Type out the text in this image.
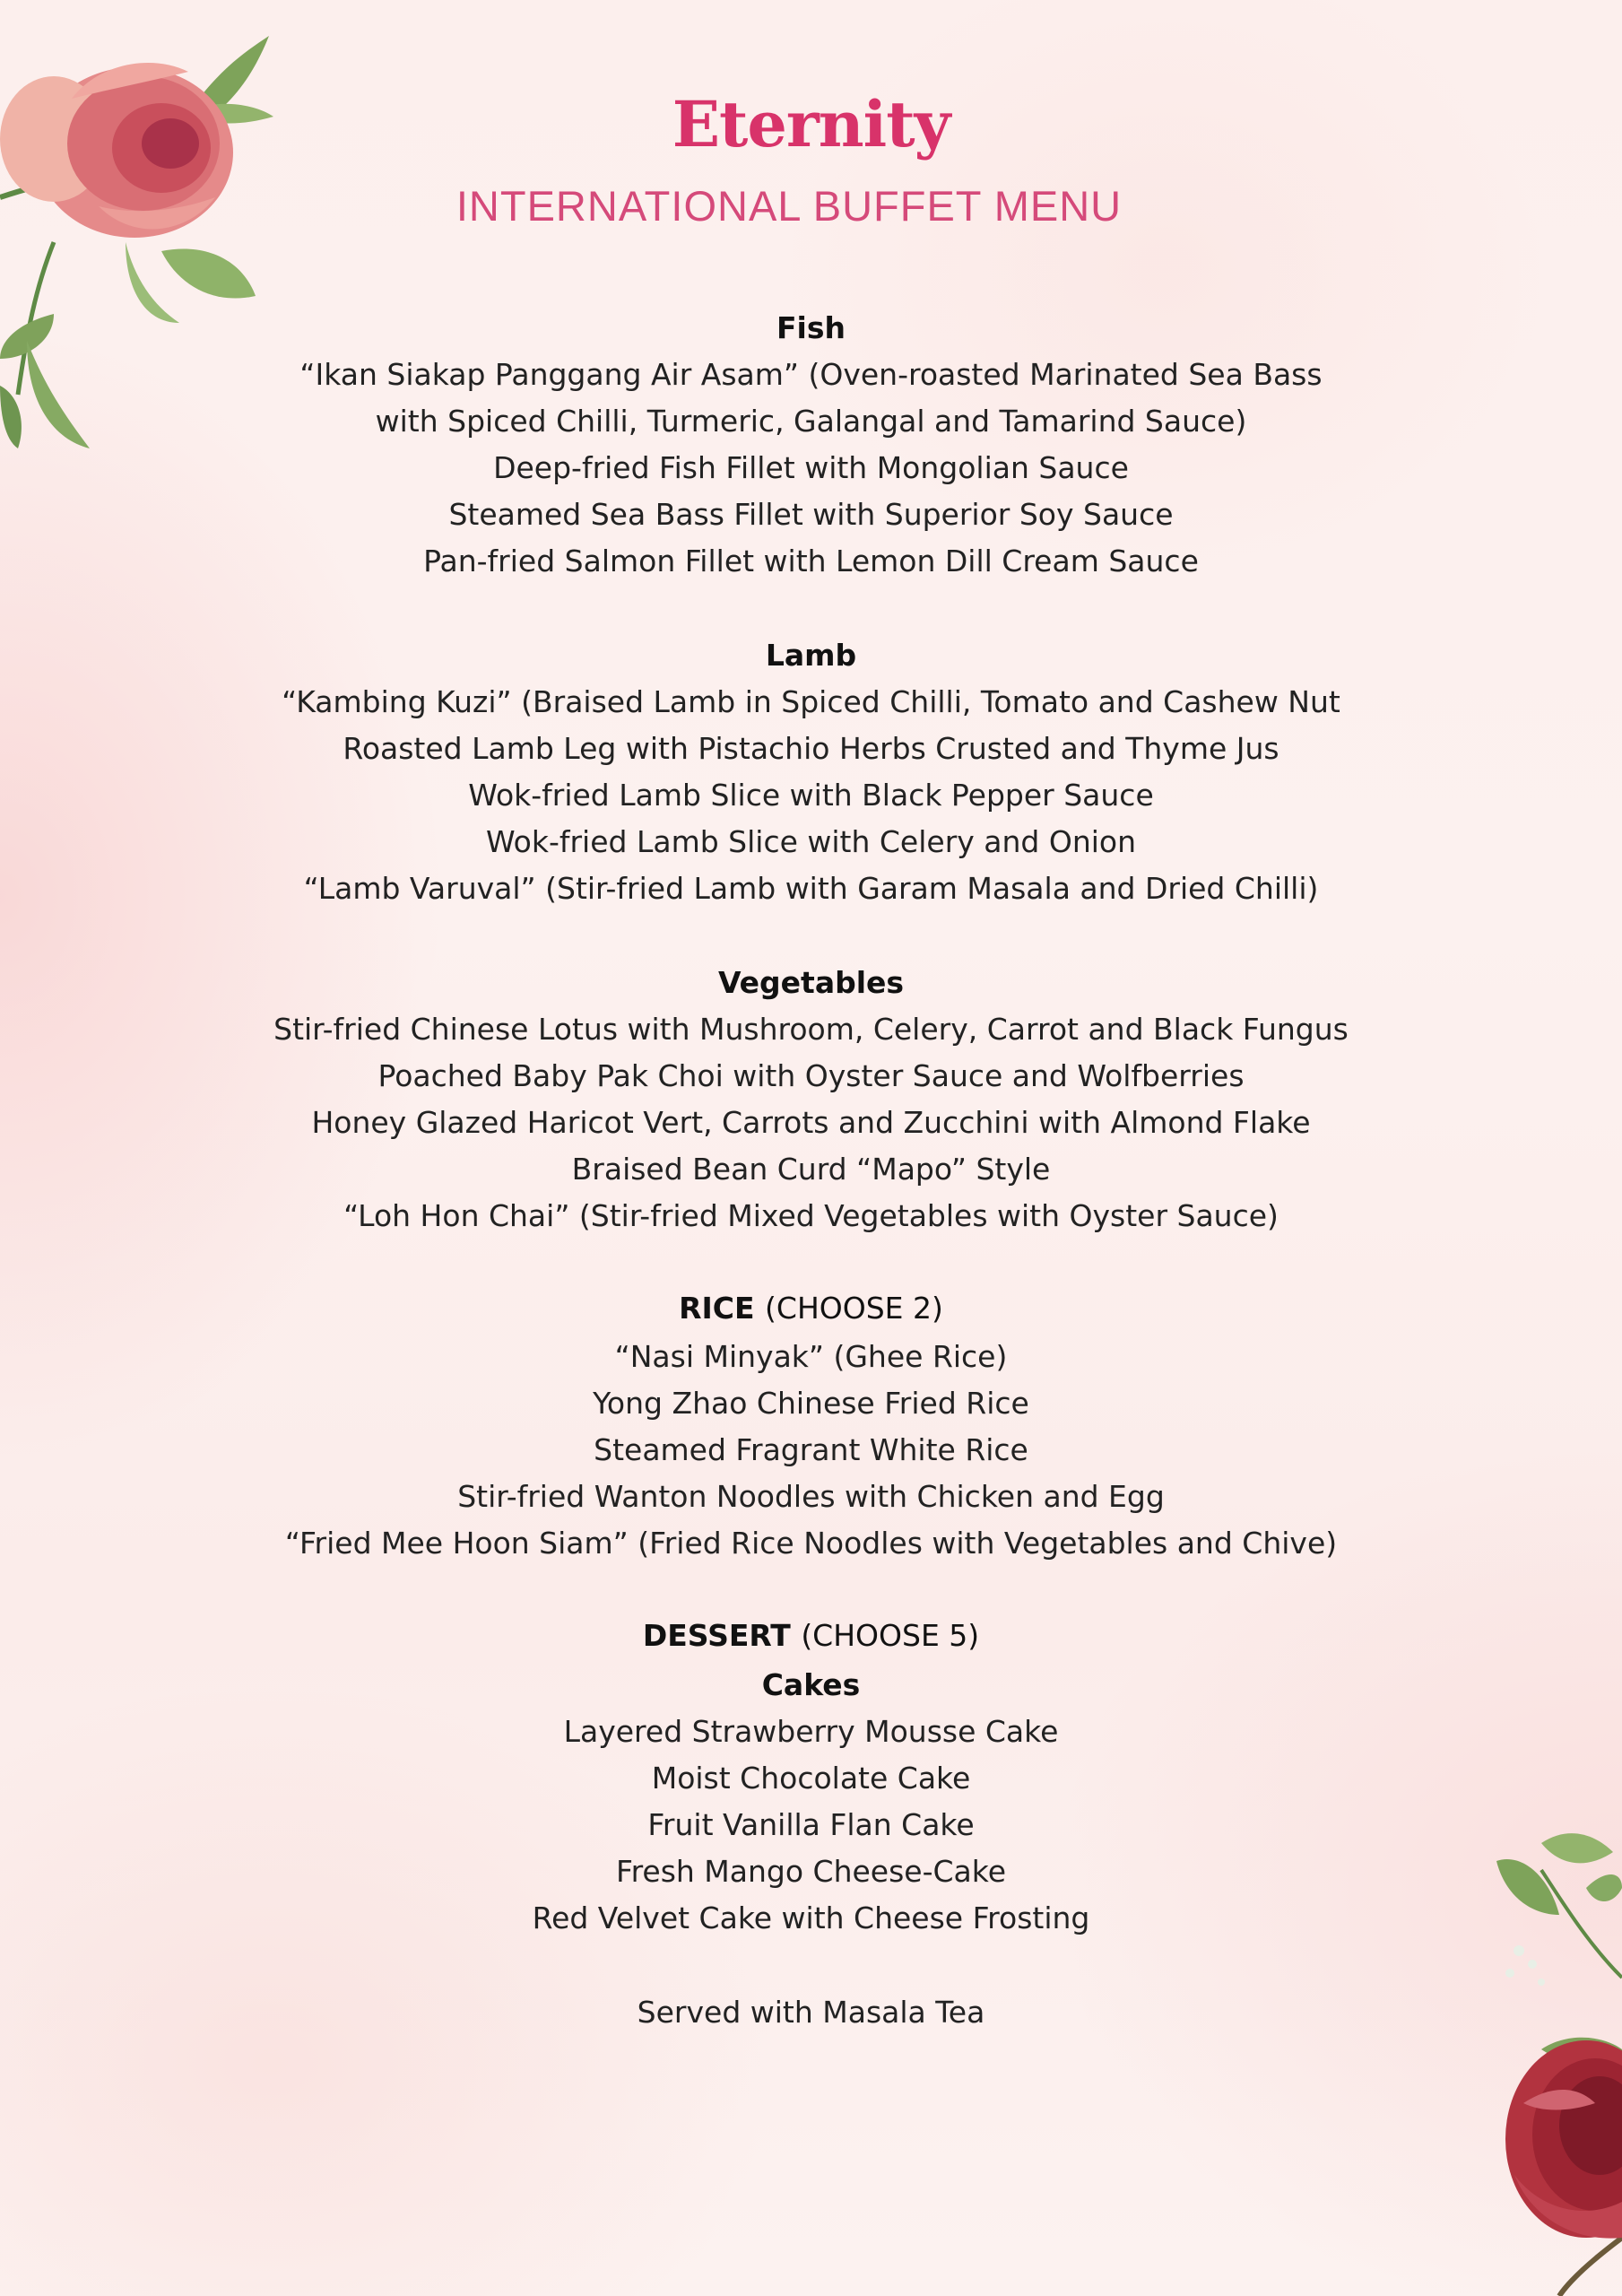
Eternity
INTERNATIONAL BUFFET MENU
Fish
“Ikan Siakap Panggang Air Asam” (Oven-roasted Marinated Sea Bass
with Spiced Chilli, Turmeric, Galangal and Tamarind Sauce)
Deep-fried Fish Fillet with Mongolian Sauce
Steamed Sea Bass Fillet with Superior Soy Sauce
Pan-fried Salmon Fillet with Lemon Dill Cream Sauce
Lamb
“Kambing Kuzi” (Braised Lamb in Spiced Chilli, Tomato and Cashew Nut
Roasted Lamb Leg with Pistachio Herbs Crusted and Thyme Jus
Wok-fried Lamb Slice with Black Pepper Sauce
Wok-fried Lamb Slice with Celery and Onion
“Lamb Varuval” (Stir-fried Lamb with Garam Masala and Dried Chilli)
Vegetables
Stir-fried Chinese Lotus with Mushroom, Celery, Carrot and Black Fungus
Poached Baby Pak Choi with Oyster Sauce and Wolfberries
Honey Glazed Haricot Vert, Carrots and Zucchini with Almond Flake
Braised Bean Curd “Mapo” Style
“Loh Hon Chai” (Stir-fried Mixed Vegetables with Oyster Sauce)
RICE (CHOOSE 2)
“Nasi Minyak” (Ghee Rice)
Yong Zhao Chinese Fried Rice
Steamed Fragrant White Rice
Stir-fried Wanton Noodles with Chicken and Egg
“Fried Mee Hoon Siam” (Fried Rice Noodles with Vegetables and Chive)
DESSERT (CHOOSE 5)
Cakes
Layered Strawberry Mousse Cake
Moist Chocolate Cake
Fruit Vanilla Flan Cake
Fresh Mango Cheese-Cake
Red Velvet Cake with Cheese Frosting
Served with Masala Tea
